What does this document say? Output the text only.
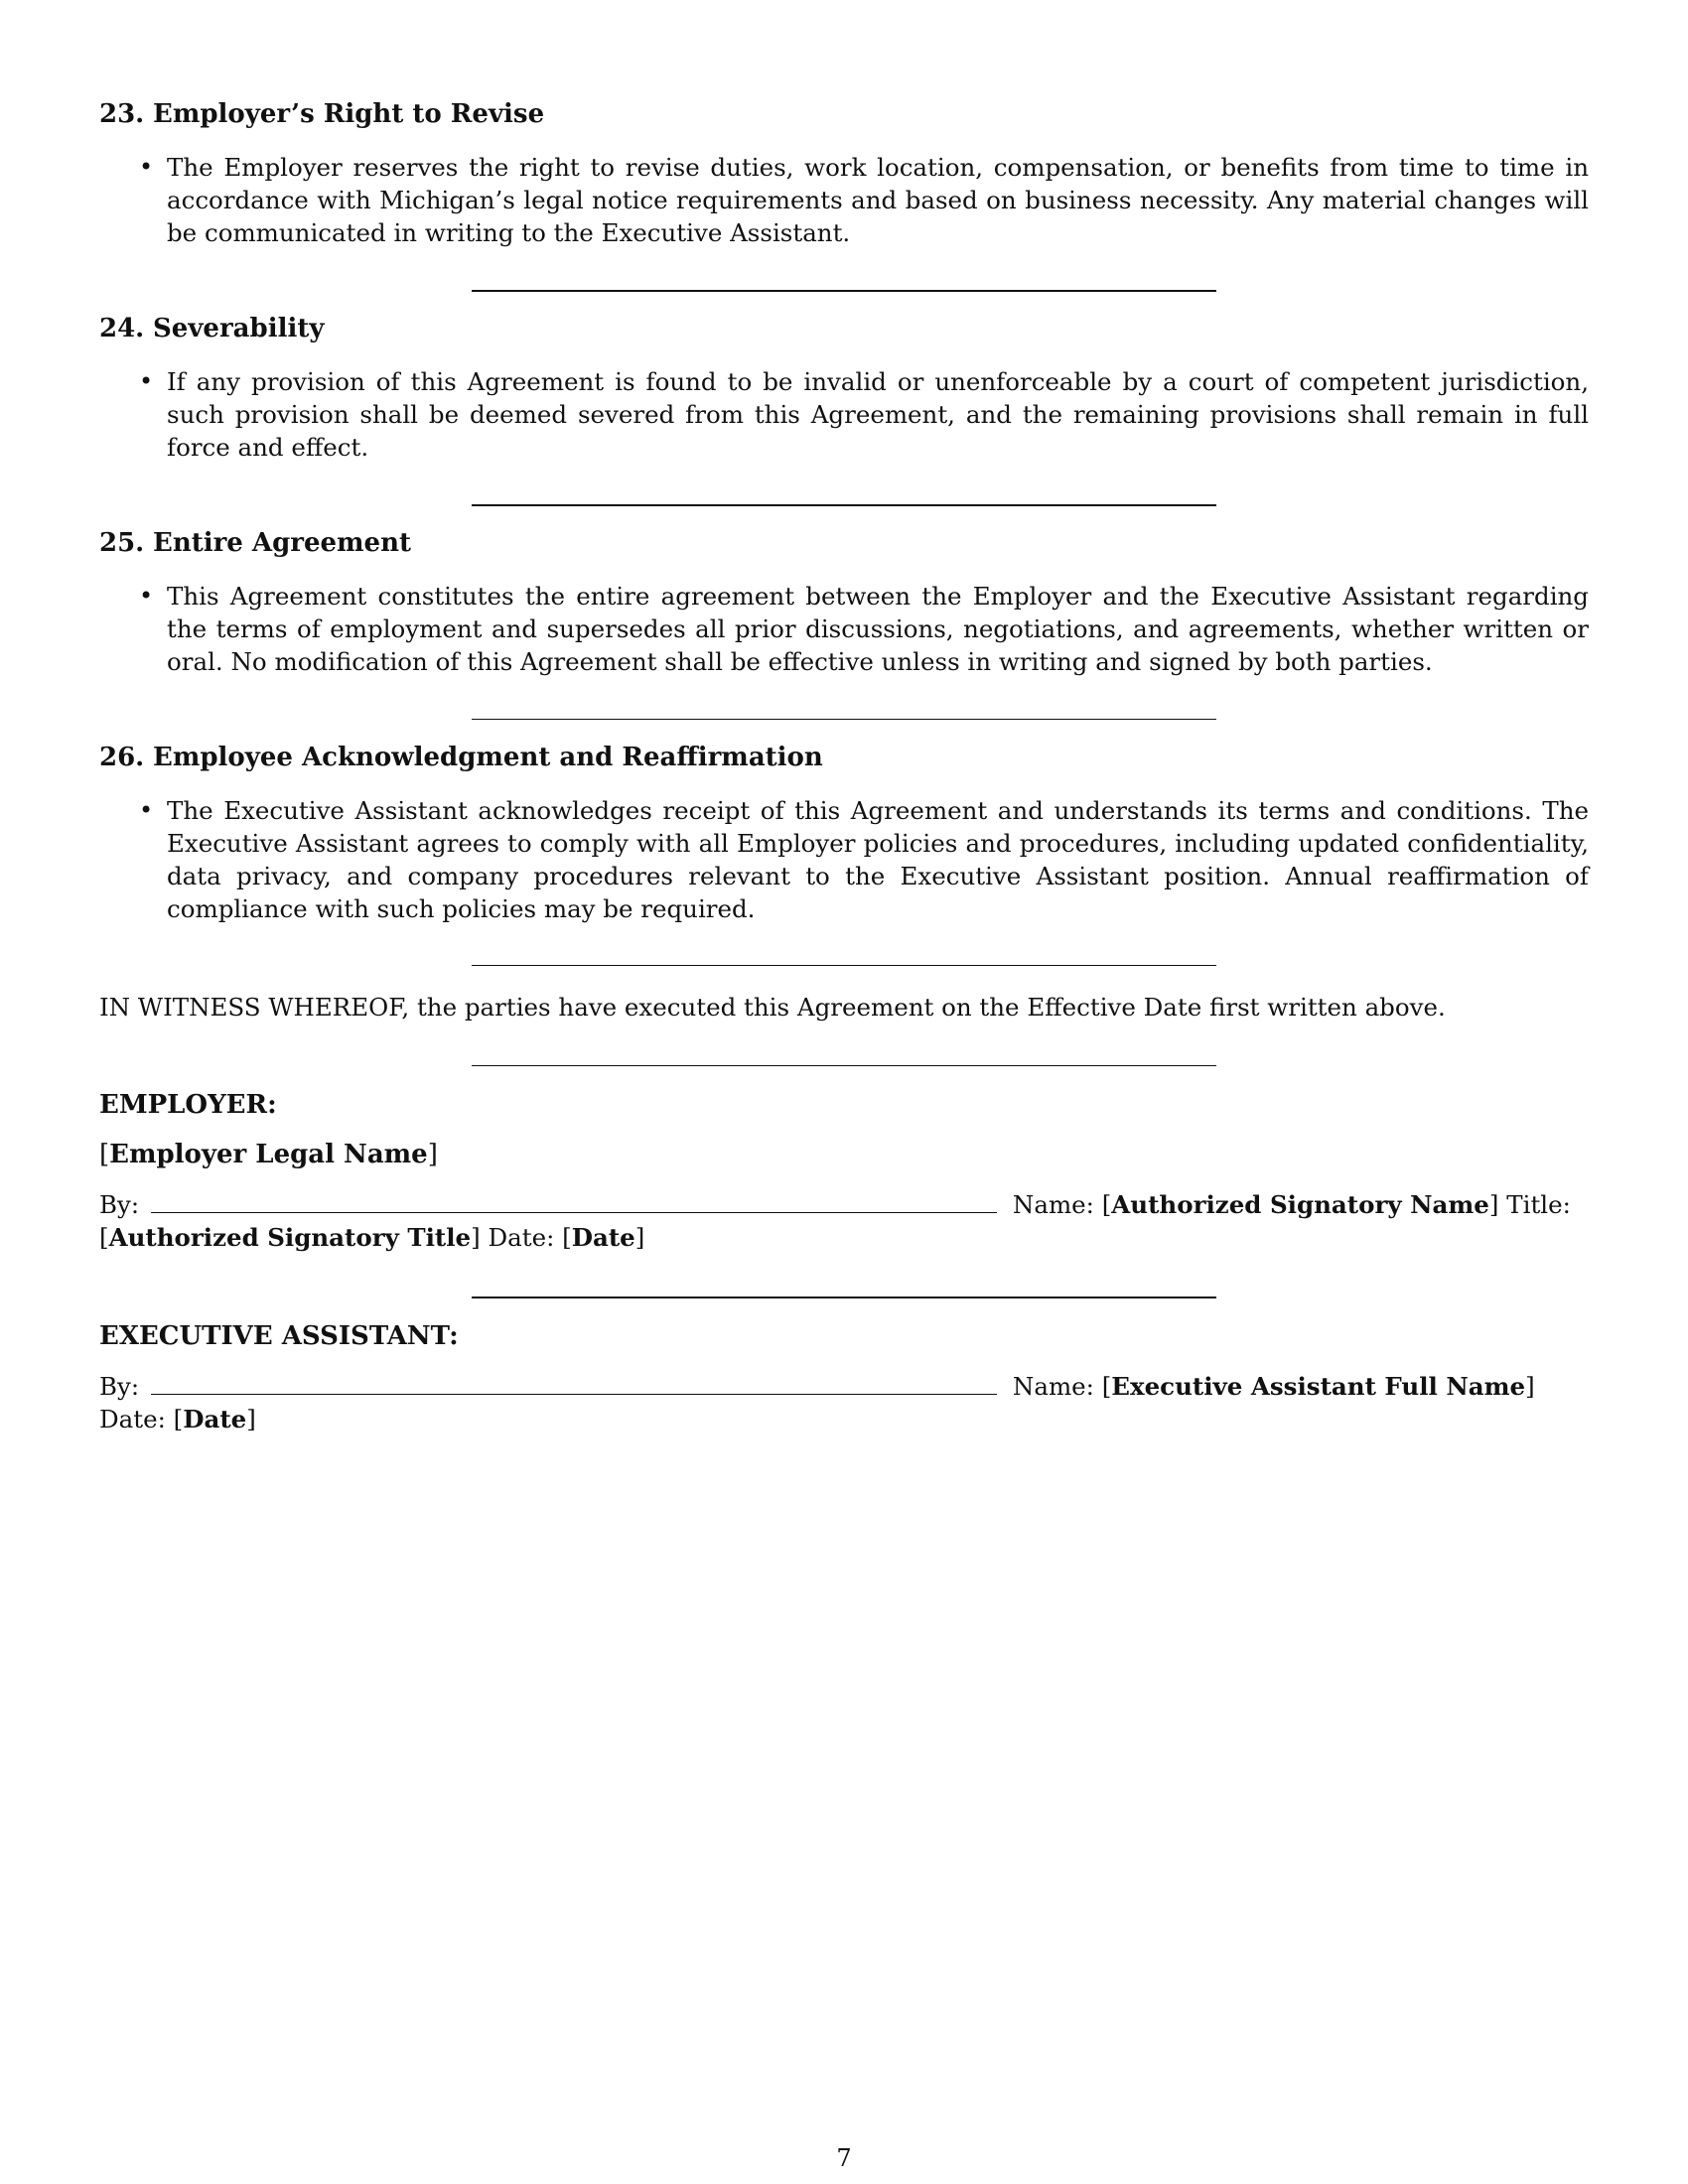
23. Employer’s Right to Revise

• The Employer reserves the right to revise duties, work location, compensation, or benefits from time to time in accordance with Michigan’s legal notice requirements and based on business necessity. Any material changes will be communicated in writing to the Executive Assistant.

24. Severability

• If any provision of this Agreement is found to be invalid or unenforceable by a court of competent jurisdiction, such provision shall be deemed severed from this Agreement, and the remaining provisions shall remain in full force and effect.

25. Entire Agreement

• This Agreement constitutes the entire agreement between the Employer and the Executive Assistant regarding the terms of employment and supersedes all prior discussions, negotiations, and agreements, whether written or oral. No modification of this Agreement shall be effective unless in writing and signed by both parties.

26. Employee Acknowledgment and Reaffirmation

• The Executive Assistant acknowledges receipt of this Agreement and understands its terms and conditions. The Executive Assistant agrees to comply with all Employer policies and procedures, including updated confidentiality, data privacy, and company procedures relevant to the Executive Assistant position. Annual reaffirmation of compliance with such policies may be required.

IN WITNESS WHEREOF, the parties have executed this Agreement on the Effective Date first written above.

EMPLOYER:

[Employer Legal Name]

By:	Name: [Authorized Signatory Name] Title:
[Authorized Signatory Title] Date: [Date]

EXECUTIVE ASSISTANT:

By:	Name: [Executive Assistant Full Name]
Date: [Date]

7
